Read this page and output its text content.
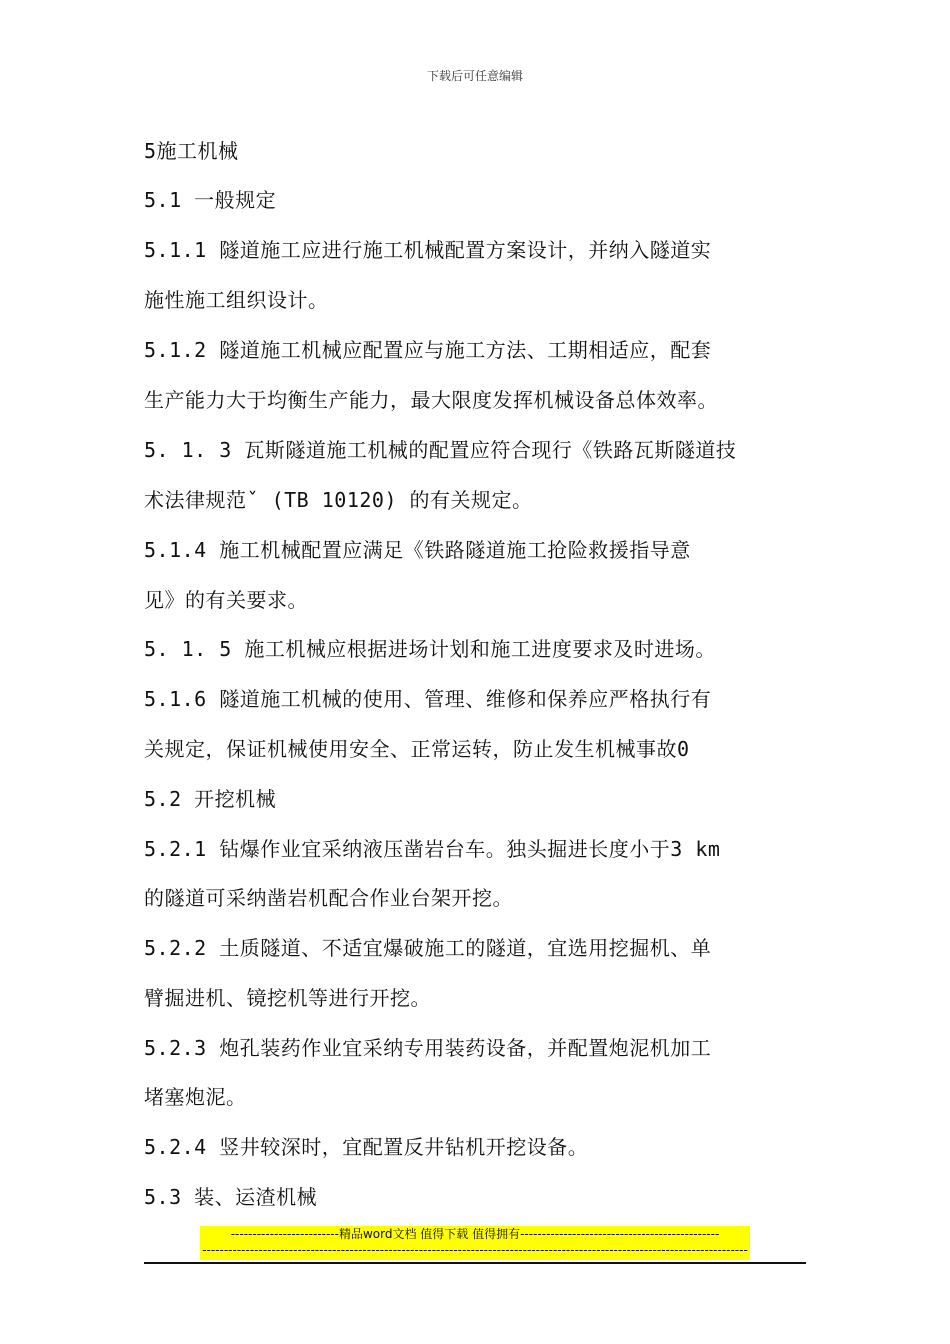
下载后可任意编辑
5施工机械
5.1 一般规定
5.1.1 隧道施工应进行施工机械配置方案设计，并纳入隧道实
施性施工组织设计。
5.1.2 隧道施工机械应配置应与施工方法、工期相适应，配套
生产能力大于均衡生产能力，最大限度发挥机械设备总体效率。
5. 1. 3 瓦斯隧道施工机械的配置应符合现行《铁路瓦斯隧道技
术法律规范ˇ (TB 10120) 的有关规定。
5.1.4 施工机械配置应满足《铁路隧道施工抢险救援指导意
见》的有关要求。
5. 1. 5 施工机械应根据进场计划和施工进度要求及时进场。
5.1.6 隧道施工机械的使用、管理、维修和保养应严格执行有
关规定，保证机械使用安全、正常运转，防止发生机械事故0
5.2 开挖机械
5.2.1 钻爆作业宜采纳液压凿岩台车。独头掘进长度小于3 km
的隧道可采纳凿岩机配合作业台架开挖。
5.2.2 土质隧道、不适宜爆破施工的隧道，宜选用挖掘机、单
臂掘进机、镜挖机等进行开挖。
5.2.3 炮孔装药作业宜采纳专用装药设备，并配置炮泥机加工
堵塞炮泥。
5.2.4 竖井较深时，宜配置反井钻机开挖设备。
5.3 装、运渣机械
-------------------------精品word文档 值得下载 值得拥有----------------------------------------------
------------------------------------------------------------------------------------------------------------------------------
